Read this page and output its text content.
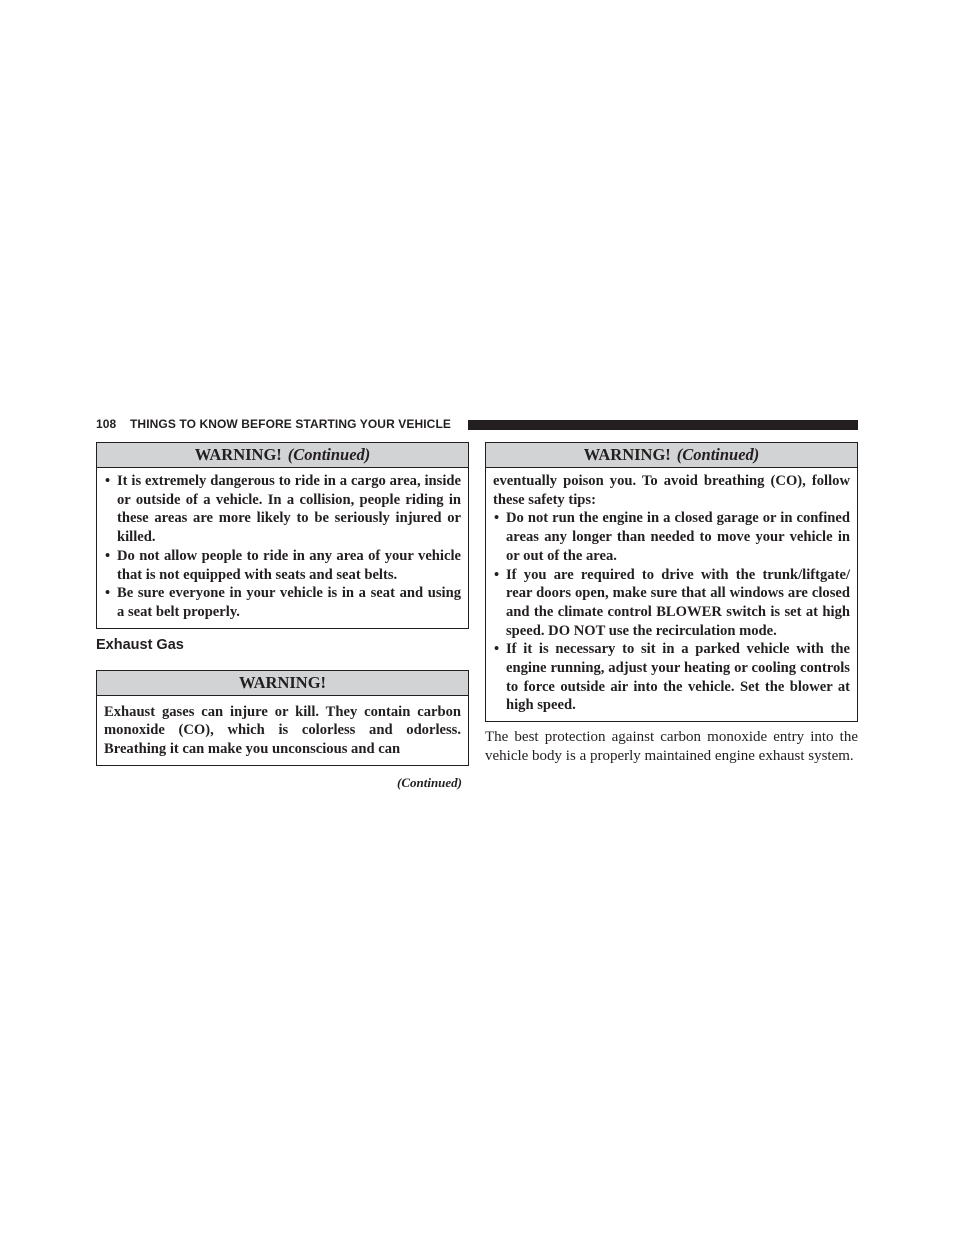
108 THINGS TO KNOW BEFORE STARTING YOUR VEHICLE
WARNING! (Continued)
• It is extremely dangerous to ride in a cargo area, inside or outside of a vehicle. In a collision, people riding in these areas are more likely to be seriously injured or killed.
• Do not allow people to ride in any area of your vehicle that is not equipped with seats and seat belts.
• Be sure everyone in your vehicle is in a seat and using a seat belt properly.
Exhaust Gas
WARNING!

Exhaust gases can injure or kill. They contain carbon monoxide (CO), which is colorless and odorless. Breathing it can make you unconscious and can

(Continued)
WARNING! (Continued)

eventually poison you. To avoid breathing (CO), follow these safety tips:

• Do not run the engine in a closed garage or in confined areas any longer than needed to move your vehicle in or out of the area.
• If you are required to drive with the trunk/liftgate/ rear doors open, make sure that all windows are closed and the climate control BLOWER switch is set at high speed. DO NOT use the recirculation mode.
• If it is necessary to sit in a parked vehicle with the engine running, adjust your heating or cooling controls to force outside air into the vehicle. Set the blower at high speed.

The best protection against carbon monoxide entry into the vehicle body is a properly maintained engine exhaust system.
